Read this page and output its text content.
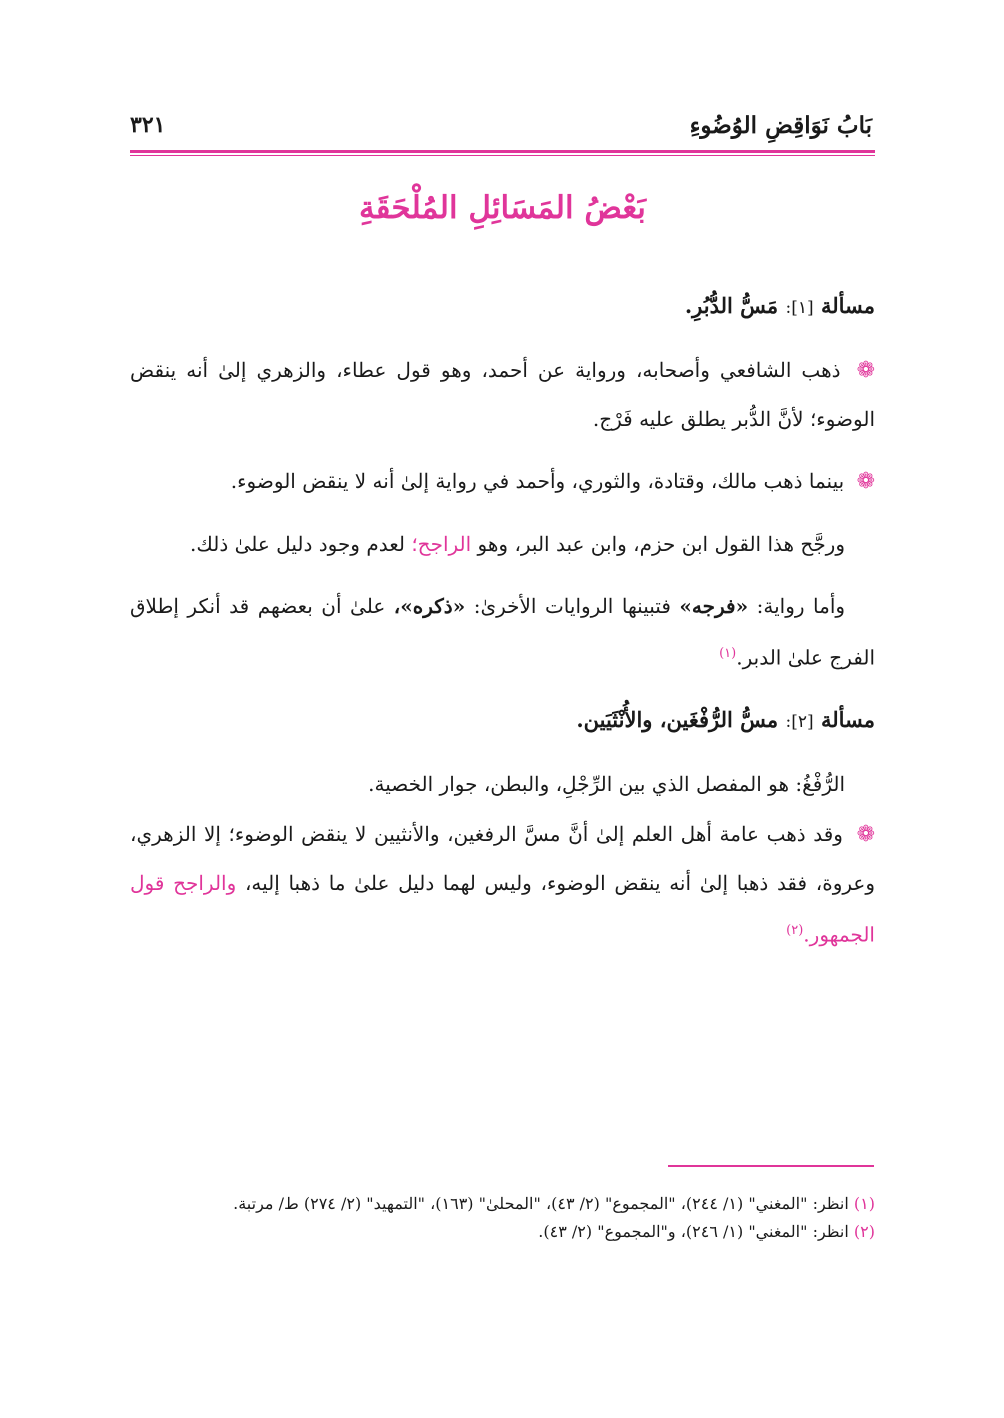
بَابُ نَوَاقِضِ الوُضُوءِ
٣٢١
بَعْضُ المَسَائِلِ المُلْحَقَةِ
مسألة [١]: مَسُّ الدُّبُرِ.

❁ ذهب الشافعي وأصحابه، ورواية عن أحمد، وهو قول عطاء، والزهري إلىٰ أنه ينقض الوضوء؛ لأنَّ الدُّبر يطلق عليه فَرْج.

❁ بينما ذهب مالك، وقتادة، والثوري، وأحمد في رواية إلىٰ أنه لا ينقض الوضوء.

ورجَّح هذا القول ابن حزم، وابن عبد البر، وهو الراجح؛ لعدم وجود دليل علىٰ ذلك.

وأما رواية: «فرجه» فتبينها الروايات الأخرىٰ: «ذكره»، علىٰ أن بعضهم قد أنكر إطلاق الفرج علىٰ الدبر.$^{(١)}$

مسألة [٢]: مسُّ الرُّفْغَين، والأُنْثَيَين.

الرُّفْغُ: هو المفصل الذي بين الرِّجْلِ، والبطن، جوار الخصية.

❁ وقد ذهب عامة أهل العلم إلىٰ أنَّ مسَّ الرفغين، والأنثيين لا ينقض الوضوء؛ إلا الزهري، وعروة، فقد ذهبا إلىٰ أنه ينقض الوضوء، وليس لهما دليل علىٰ ما ذهبا إليه، والراجح قول الجمهور.$^{(٢)}$

(١) انظر: "المغني" (١/ ٢٤٤)، "المجموع" (٢/ ٤٣)، "المحلىٰ" (١٦٣)، "التمهيد" (٢/ ٢٧٤) ط/ مرتبة.
(٢) انظر: "المغني" (١/ ٢٤٦)، و"المجموع" (٢/ ٤٣).
